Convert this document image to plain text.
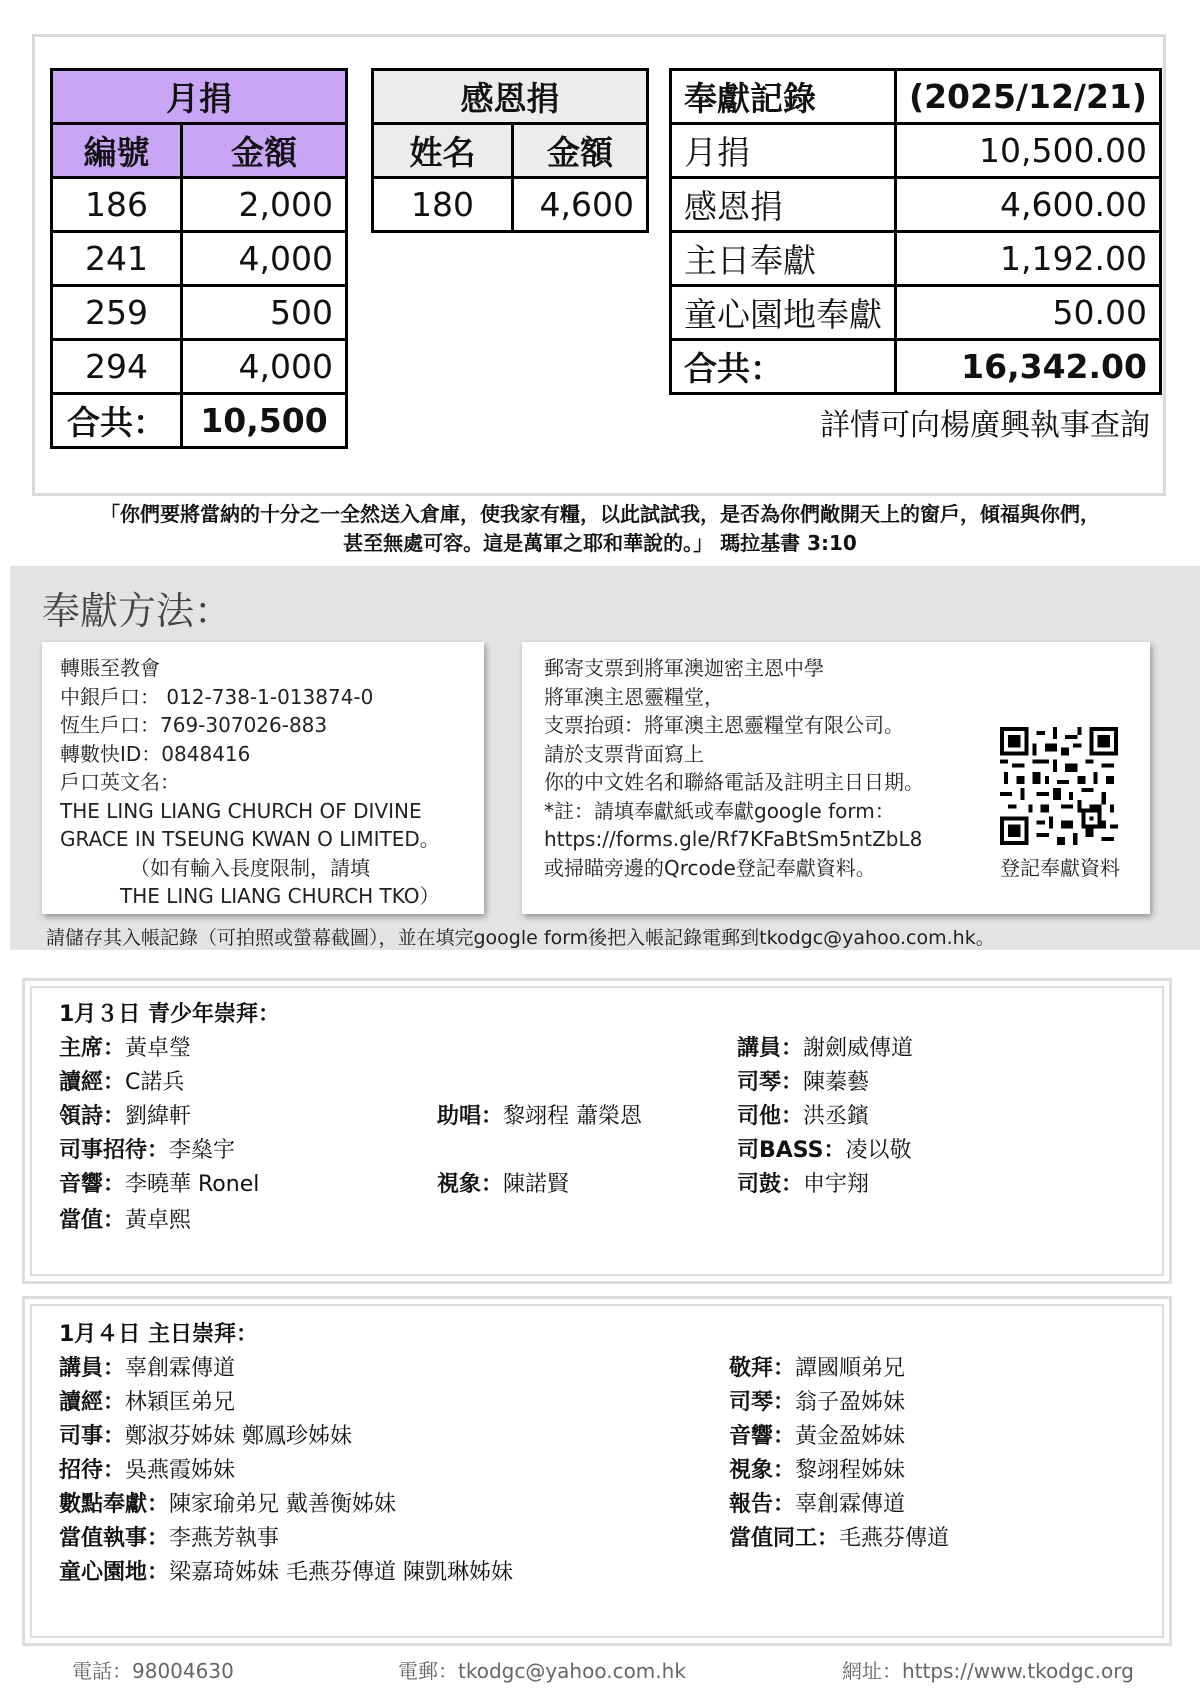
月捐	
編號	金額
186	2,000
241	4,000
259	500
294	4,000
合共：	10,500
感恩捐	
姓名	金額
180	4,600
奉獻記錄	(2025/12/21)
月捐	10,500.00
感恩捐	4,600.00
主日奉獻	1,192.00
童心園地奉獻	50.00
合共：	16,342.00
詳情可向楊廣興執事查詢
「你們要將當納的十分之一全然送入倉庫，使我家有糧，以此試試我，是否為你們敞開天上的窗戶，傾福與你們，
甚至無處可容。這是萬軍之耶和華說的。」 瑪拉基書 3:10
奉獻方法：
轉賬至教會
中銀戶口： 012-738-1-013874-0
恆生戶口：769-307026-883
轉數快ID：0848416
戶口英文名：
THE LING LIANG CHURCH OF DIVINE
GRACE IN TSEUNG KWAN O LIMITED。
（如有輸入長度限制，請填
THE LING LIANG CHURCH TKO）
郵寄支票到將軍澳迦密主恩中學
將軍澳主恩靈糧堂，
支票抬頭：將軍澳主恩靈糧堂有限公司。
請於支票背面寫上
你的中文姓名和聯絡電話及註明主日日期。
*註：請填奉獻紙或奉獻google form：
https://forms.gle/Rf7KFaBtSm5ntZbL8
或掃瞄旁邊的Qrcode登記奉獻資料。	登記奉獻資料
請儲存其入帳記錄（可拍照或螢幕截圖），並在填完google form後把入帳記錄電郵到tkodgc@yahoo.com.hk。
1月３日 青少年崇拜：
主席：黃卓瑩
讀經：C諾兵
領詩：劉緯軒
司事招待：李燊宇
音響：李曉華 Ronel
當值：黃卓熙
助唱：黎翊程 蕭榮恩
視象：陳諾賢
講員：謝劍威傳道
司琴：陳蓁藝
司他：洪丞鑌
司BASS：凌以敬
司鼓：申宇翔
1月４日 主日崇拜：
講員：辜創霖傳道
讀經：林穎匡弟兄
司事：鄭淑芬姊妹 鄭鳳珍姊妹
招待：吳燕霞姊妹
數點奉獻：陳家瑜弟兄 戴善衡姊妹
當值執事：李燕芳執事
童心園地：梁嘉琦姊妹 毛燕芬傳道 陳凱琳姊妹
敬拜：譚國順弟兄
司琴：翁子盈姊妹
音響：黃金盈姊妹
視象：黎翊程姊妹
報告：辜創霖傳道
當值同工：毛燕芬傳道
電話：98004630	電郵：tkodgc@yahoo.com.hk	網址：https://www.tkodgc.org
